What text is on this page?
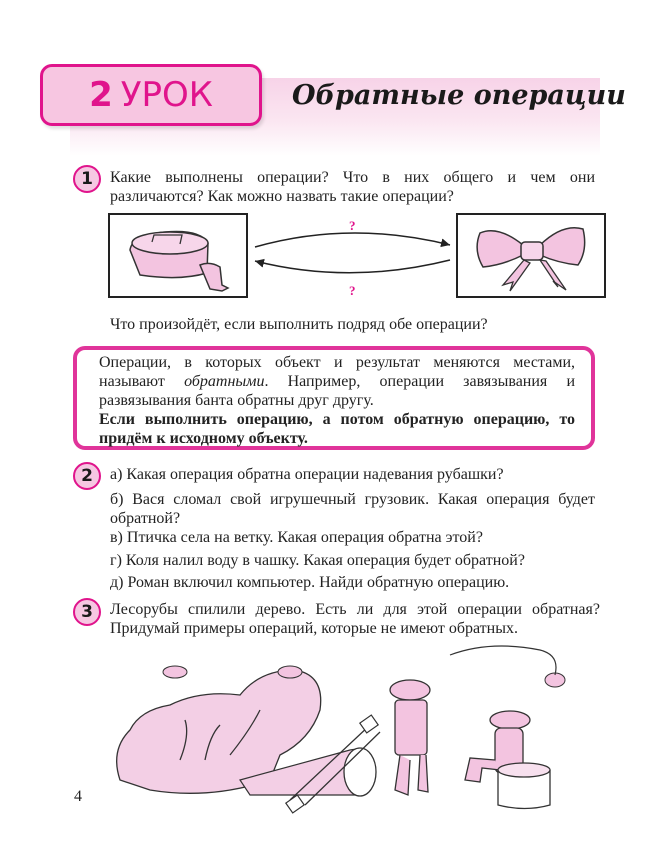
2 УРОК	Обратные операции
1	Какие выполнены операции? Что в них общего и чем они различаются? Как можно назвать такие операции?
?
?
Что произойдёт, если выполнить подряд обе операции?
Операции, в которых объект и результат меняются местами, называют обратными. Например, операции завязывания и развязывания банта обратны друг другу.
Если выполнить операцию, а потом обратную операцию, то придём к исходному объекту.
2	а) Какая операция обратна операции надевания рубашки?
б) Вася сломал свой игрушечный грузовик. Какая операция будет обратной?
в) Птичка села на ветку. Какая операция обратна этой?
г) Коля налил воду в чашку. Какая операция будет обратной?
д) Роман включил компьютер. Найди обратную операцию.
3	Лесорубы спилили дерево. Есть ли для этой операции обратная? Придумай примеры операций, которые не имеют обратных.
4
